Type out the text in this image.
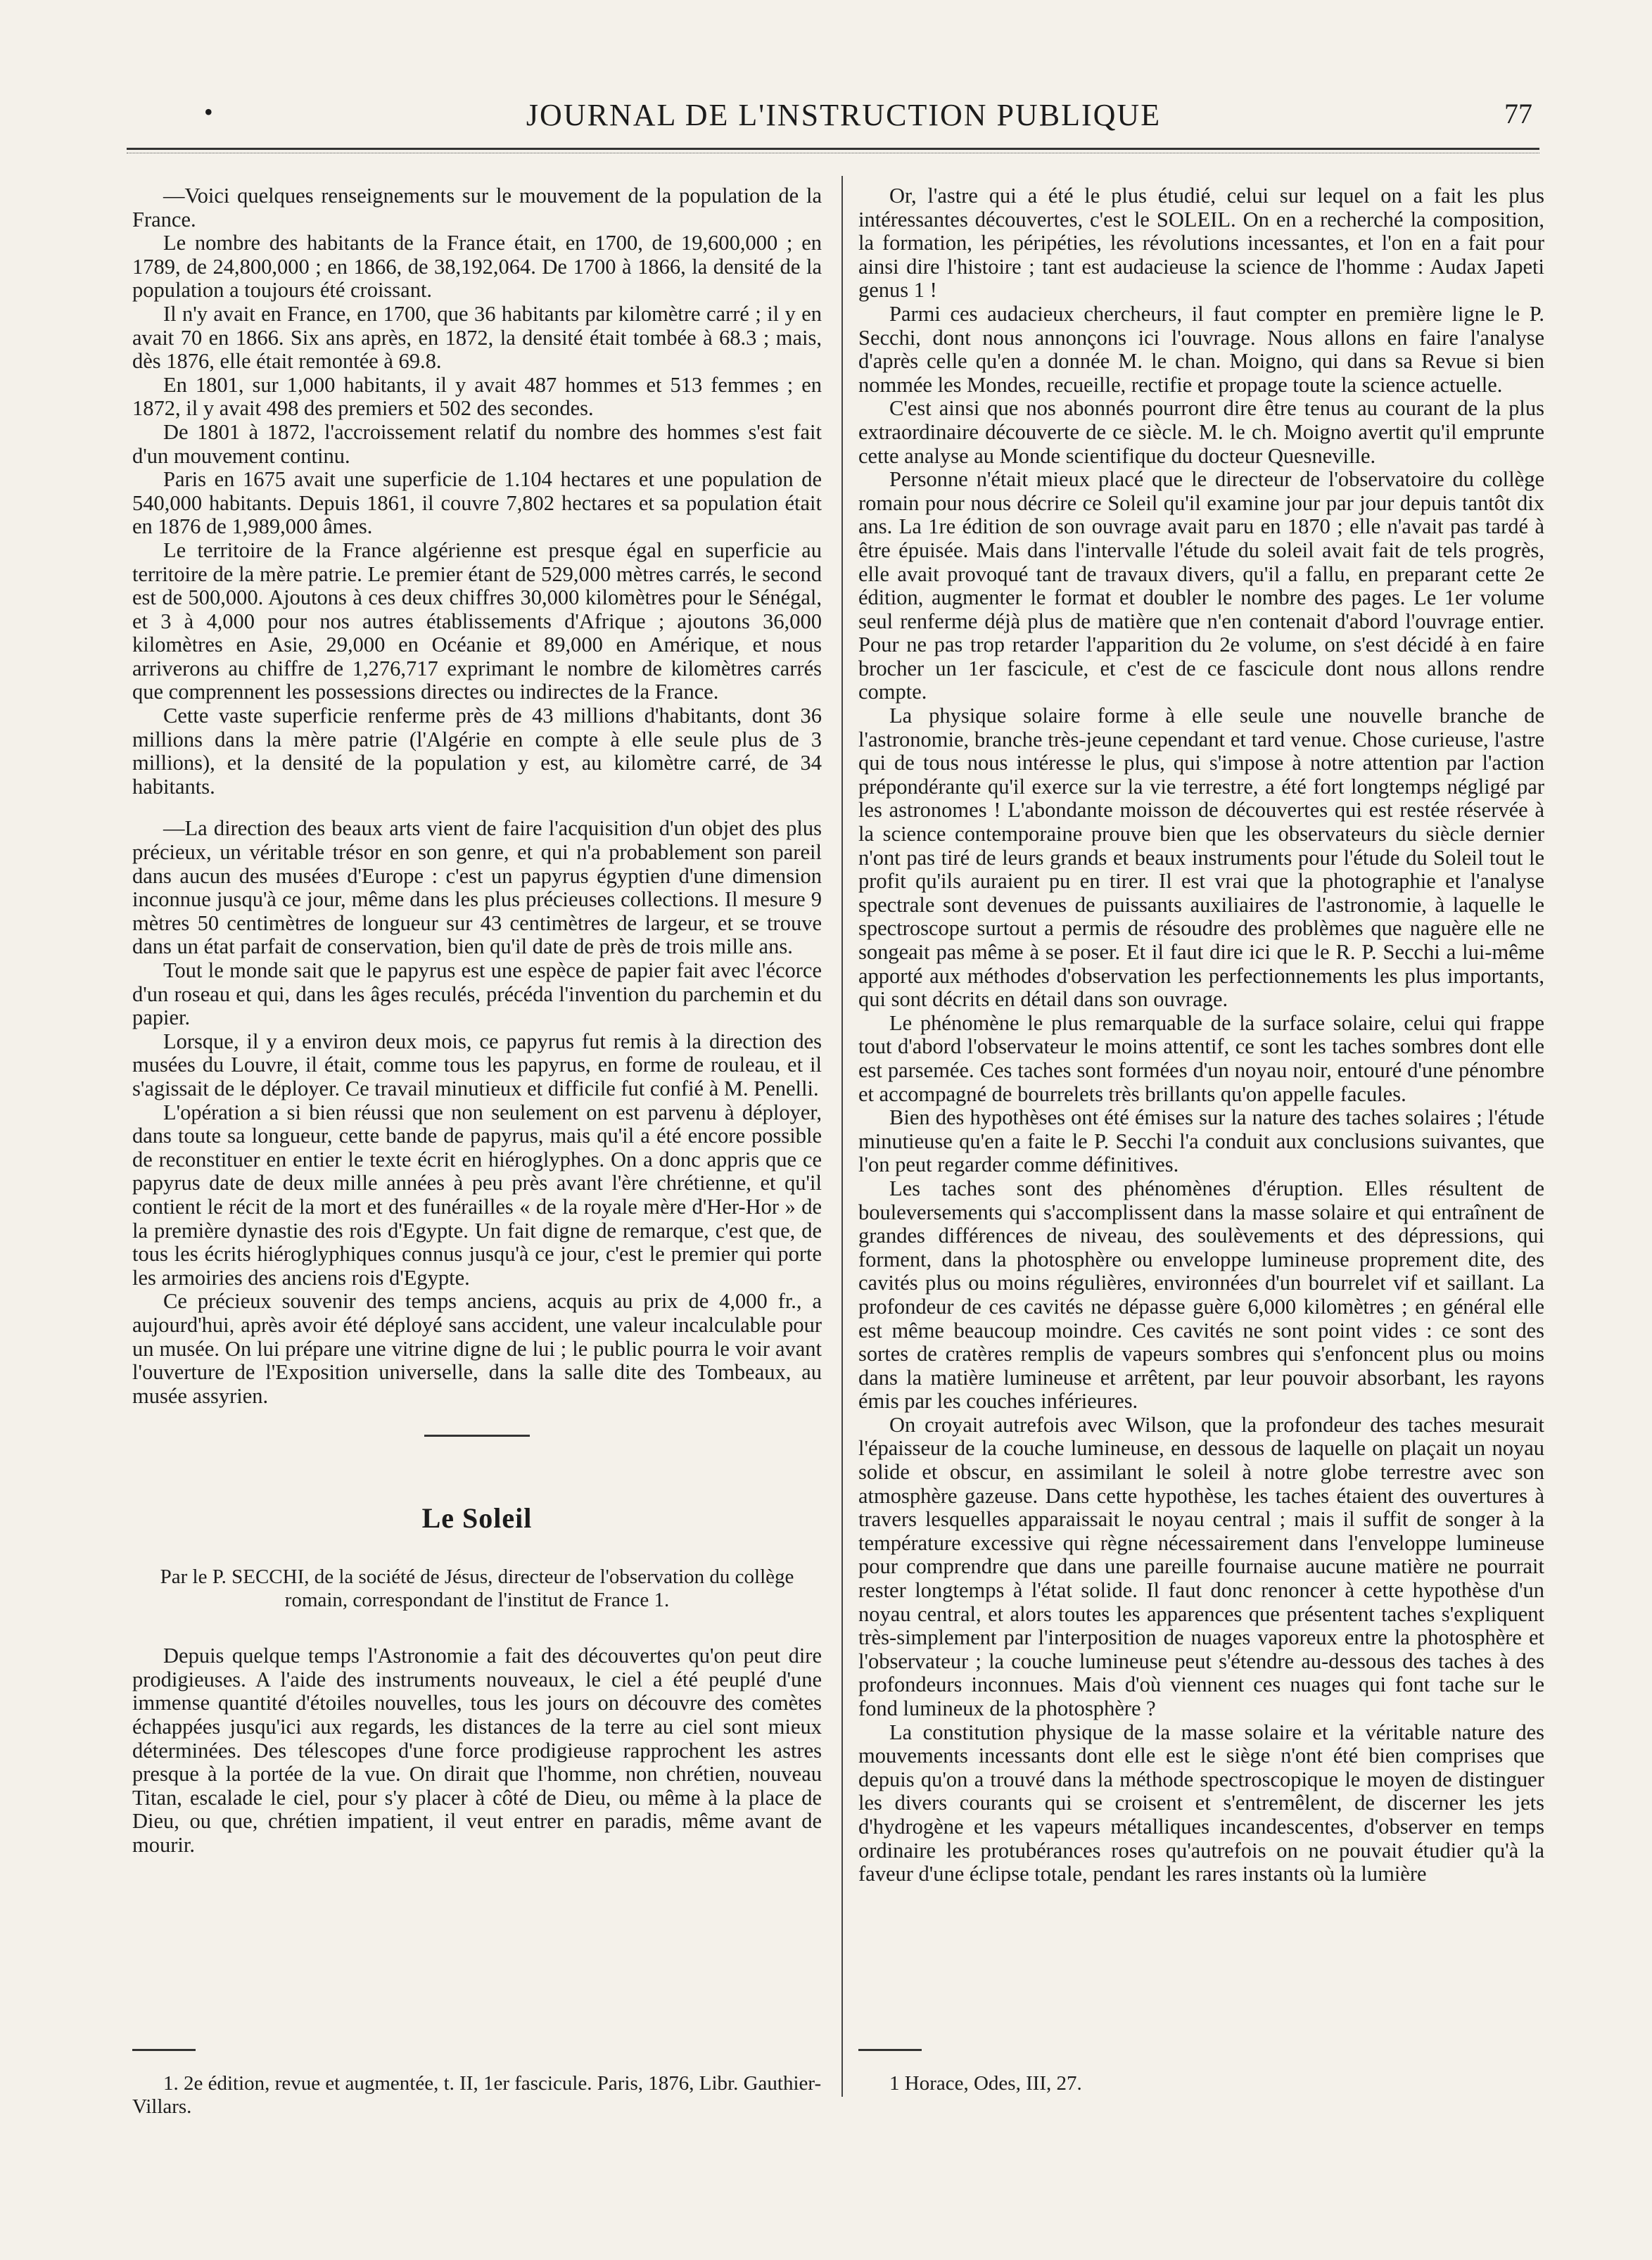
•	JOURNAL DE L'INSTRUCTION PUBLIQUE	77

—Voici quelques renseignements sur le mouvement de la population de la France.

Le nombre des habitants de la France était, en 1700, de 19,600,000 ; en 1789, de 24,800,000 ; en 1866, de 38,192,064. De 1700 à 1866, la densité de la population a toujours été croissant.

Il n'y avait en France, en 1700, que 36 habitants par kilomètre carré ; il y en avait 70 en 1866. Six ans après, en 1872, la densité était tombée à 68.3 ; mais, dès 1876, elle était remontée à 69.8.

En 1801, sur 1,000 habitants, il y avait 487 hommes et 513 femmes ; en 1872, il y avait 498 des premiers et 502 des secondes.

De 1801 à 1872, l'accroissement relatif du nombre des hommes s'est fait d'un mouvement continu.

Paris en 1675 avait une superficie de 1.104 hectares et une population de 540,000 habitants. Depuis 1861, il couvre 7,802 hectares et sa population était en 1876 de 1,989,000 âmes.

Le territoire de la France algérienne est presque égal en superficie au territoire de la mère patrie. Le premier étant de 529,000 mètres carrés, le second est de 500,000. Ajoutons à ces deux chiffres 30,000 kilomètres pour le Sénégal, et 3 à 4,000 pour nos autres établissements d'Afrique ; ajoutons 36,000 kilomètres en Asie, 29,000 en Océanie et 89,000 en Amérique, et nous arriverons au chiffre de 1,276,717 exprimant le nombre de kilomètres carrés que comprennent les possessions directes ou indirectes de la France.

Cette vaste superficie renferme près de 43 millions d'habitants, dont 36 millions dans la mère patrie (l'Algérie en compte à elle seule plus de 3 millions), et la densité de la population y est, au kilomètre carré, de 34 habitants.

—La direction des beaux arts vient de faire l'acquisition d'un objet des plus précieux, un véritable trésor en son genre, et qui n'a probablement son pareil dans aucun des musées d'Europe : c'est un papyrus égyptien d'une dimension inconnue jusqu'à ce jour, même dans les plus précieuses collections. Il mesure 9 mètres 50 centimètres de longueur sur 43 centimètres de largeur, et se trouve dans un état parfait de conservation, bien qu'il date de près de trois mille ans.

Tout le monde sait que le papyrus est une espèce de papier fait avec l'écorce d'un roseau et qui, dans les âges reculés, précéda l'invention du parchemin et du papier.

Lorsque, il y a environ deux mois, ce papyrus fut remis à la direction des musées du Louvre, il était, comme tous les papyrus, en forme de rouleau, et il s'agissait de le déployer. Ce travail minutieux et difficile fut confié à M. Penelli.

L'opération a si bien réussi que non seulement on est parvenu à déployer, dans toute sa longueur, cette bande de papyrus, mais qu'il a été encore possible de reconstituer en entier le texte écrit en hiéroglyphes. On a donc appris que ce papyrus date de deux mille années à peu près avant l'ère chrétienne, et qu'il contient le récit de la mort et des funérailles « de la royale mère d'Her-Hor » de la première dynastie des rois d'Egypte. Un fait digne de remarque, c'est que, de tous les écrits hiéroglyphiques connus jusqu'à ce jour, c'est le premier qui porte les armoiries des anciens rois d'Egypte.

Ce précieux souvenir des temps anciens, acquis au prix de 4,000 fr., a aujourd'hui, après avoir été déployé sans accident, une valeur incalculable pour un musée. On lui prépare une vitrine digne de lui ; le public pourra le voir avant l'ouverture de l'Exposition universelle, dans la salle dite des Tombeaux, au musée assyrien.

Le Soleil

Par le P. SECCHI, de la société de Jésus, directeur de l'observation du collège romain, correspondant de l'institut de France 1.

Depuis quelque temps l'Astronomie a fait des découvertes qu'on peut dire prodigieuses. A l'aide des instruments nouveaux, le ciel a été peuplé d'une immense quantité d'étoiles nouvelles, tous les jours on découvre des comètes échappées jusqu'ici aux regards, les distances de la terre au ciel sont mieux déterminées. Des télescopes d'une force prodigieuse rapprochent les astres presque à la portée de la vue. On dirait que l'homme, non chrétien, nouveau Titan, escalade le ciel, pour s'y placer à côté de Dieu, ou même à la place de Dieu, ou que, chrétien impatient, il veut entrer en paradis, même avant de mourir.

Or, l'astre qui a été le plus étudié, celui sur lequel on a fait les plus intéressantes découvertes, c'est le SOLEIL. On en a recherché la composition, la formation, les péripéties, les révolutions incessantes, et l'on en a fait pour ainsi dire l'histoire ; tant est audacieuse la science de l'homme : Audax Japeti genus 1 !

Parmi ces audacieux chercheurs, il faut compter en première ligne le P. Secchi, dont nous annonçons ici l'ouvrage. Nous allons en faire l'analyse d'après celle qu'en a donnée M. le chan. Moigno, qui dans sa Revue si bien nommée les Mondes, recueille, rectifie et propage toute la science actuelle.

C'est ainsi que nos abonnés pourront dire être tenus au courant de la plus extraordinaire découverte de ce siècle. M. le ch. Moigno avertit qu'il emprunte cette analyse au Monde scientifique du docteur Quesneville.

Personne n'était mieux placé que le directeur de l'observatoire du collège romain pour nous décrire ce Soleil qu'il examine jour par jour depuis tantôt dix ans. La 1re édition de son ouvrage avait paru en 1870 ; elle n'avait pas tardé à être épuisée. Mais dans l'intervalle l'étude du soleil avait fait de tels progrès, elle avait provoqué tant de travaux divers, qu'il a fallu, en preparant cette 2e édition, augmenter le format et doubler le nombre des pages. Le 1er volume seul renferme déjà plus de matière que n'en contenait d'abord l'ouvrage entier. Pour ne pas trop retarder l'apparition du 2e volume, on s'est décidé à en faire brocher un 1er fascicule, et c'est de ce fascicule dont nous allons rendre compte.

La physique solaire forme à elle seule une nouvelle branche de l'astronomie, branche très-jeune cependant et tard venue. Chose curieuse, l'astre qui de tous nous intéresse le plus, qui s'impose à notre attention par l'action prépondérante qu'il exerce sur la vie terrestre, a été fort longtemps négligé par les astronomes ! L'abondante moisson de découvertes qui est restée réservée à la science contemporaine prouve bien que les observateurs du siècle dernier n'ont pas tiré de leurs grands et beaux instruments pour l'étude du Soleil tout le profit qu'ils auraient pu en tirer. Il est vrai que la photographie et l'analyse spectrale sont devenues de puissants auxiliaires de l'astronomie, à laquelle le spectroscope surtout a permis de résoudre des problèmes que naguère elle ne songeait pas même à se poser. Et il faut dire ici que le R. P. Secchi a lui-même apporté aux méthodes d'observation les perfectionnements les plus importants, qui sont décrits en détail dans son ouvrage.

Le phénomène le plus remarquable de la surface solaire, celui qui frappe tout d'abord l'observateur le moins attentif, ce sont les taches sombres dont elle est parsemée. Ces taches sont formées d'un noyau noir, entouré d'une pénombre et accompagné de bourrelets très brillants qu'on appelle facules.

Bien des hypothèses ont été émises sur la nature des taches solaires ; l'étude minutieuse qu'en a faite le P. Secchi l'a conduit aux conclusions suivantes, que l'on peut regarder comme définitives.

Les taches sont des phénomènes d'éruption. Elles résultent de bouleversements qui s'accomplissent dans la masse solaire et qui entraînent de grandes différences de niveau, des soulèvements et des dépressions, qui forment, dans la photosphère ou enveloppe lumineuse proprement dite, des cavités plus ou moins régulières, environnées d'un bourrelet vif et saillant. La profondeur de ces cavités ne dépasse guère 6,000 kilomètres ; en général elle est même beaucoup moindre. Ces cavités ne sont point vides : ce sont des sortes de cratères remplis de vapeurs sombres qui s'enfoncent plus ou moins dans la matière lumineuse et arrêtent, par leur pouvoir absorbant, les rayons émis par les couches inférieures.

On croyait autrefois avec Wilson, que la profondeur des taches mesurait l'épaisseur de la couche lumineuse, en dessous de laquelle on plaçait un noyau solide et obscur, en assimilant le soleil à notre globe terrestre avec son atmosphère gazeuse. Dans cette hypothèse, les taches étaient des ouvertures à travers lesquelles apparaissait le noyau central ; mais il suffit de songer à la température excessive qui règne nécessairement dans l'enveloppe lumineuse pour comprendre que dans une pareille fournaise aucune matière ne pourrait rester longtemps à l'état solide. Il faut donc renoncer à cette hypothèse d'un noyau central, et alors toutes les apparences que présentent taches s'expliquent très-simplement par l'interposition de nuages vaporeux entre la photosphère et l'observateur ; la couche lumineuse peut s'étendre au-dessous des taches à des profondeurs inconnues. Mais d'où viennent ces nuages qui font tache sur le fond lumineux de la photosphère ?

La constitution physique de la masse solaire et la véritable nature des mouvements incessants dont elle est le siège n'ont été bien comprises que depuis qu'on a trouvé dans la méthode spectroscopique le moyen de distinguer les divers courants qui se croisent et s'entremêlent, de discerner les jets d'hydrogène et les vapeurs métalliques incandescentes, d'observer en temps ordinaire les protubérances roses qu'autrefois on ne pouvait étudier qu'à la faveur d'une éclipse totale, pendant les rares instants où la lumière

1. 2e édition, revue et augmentée, t. II, 1er fascicule. Paris, 1876, Libr. Gauthier-Villars.

1 Horace, Odes, III, 27.
